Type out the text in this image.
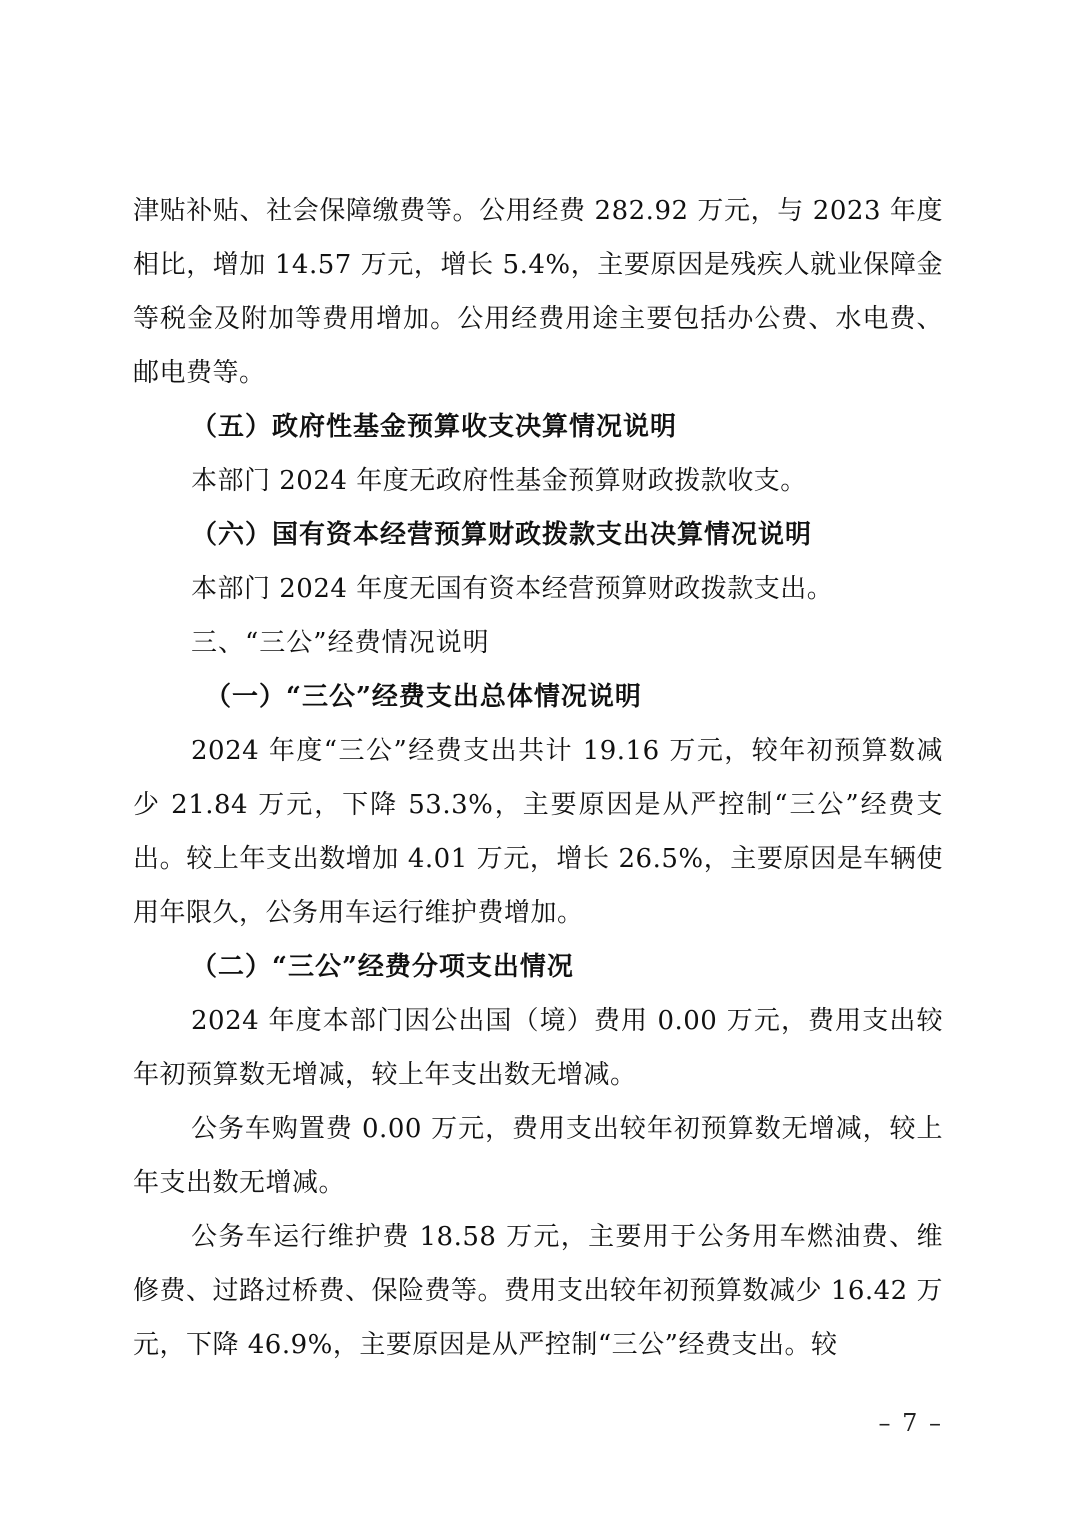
津贴补贴、社会保障缴费等。公用经费 282.92 万元，与 2023 年度相比，增加 14.57 万元，增长 5.4%，主要原因是残疾人就业保障金等税金及附加等费用增加。公用经费用途主要包括办公费、水电费、邮电费等。

（五）政府性基金预算收支决算情况说明

本部门 2024 年度无政府性基金预算财政拨款收支。

（六）国有资本经营预算财政拨款支出决算情况说明

本部门 2024 年度无国有资本经营预算财政拨款支出。

三、“三公”经费情况说明

（一）“三公”经费支出总体情况说明

2024 年度“三公”经费支出共计 19.16 万元，较年初预算数减少 21.84 万元，下降 53.3%，主要原因是从严控制“三公”经费支出。较上年支出数增加 4.01 万元，增长 26.5%，主要原因是车辆使用年限久，公务用车运行维护费增加。

（二）“三公”经费分项支出情况

2024 年度本部门因公出国（境）费用 0.00 万元，费用支出较年初预算数无增减，较上年支出数无增减。

公务车购置费 0.00 万元，费用支出较年初预算数无增减，较上年支出数无增减。

公务车运行维护费 18.58 万元，主要用于公务用车燃油费、维修费、过路过桥费、保险费等。费用支出较年初预算数减少 16.42 万元，下降 46.9%，主要原因是从严控制“三公”经费支出。较

– 7 –
